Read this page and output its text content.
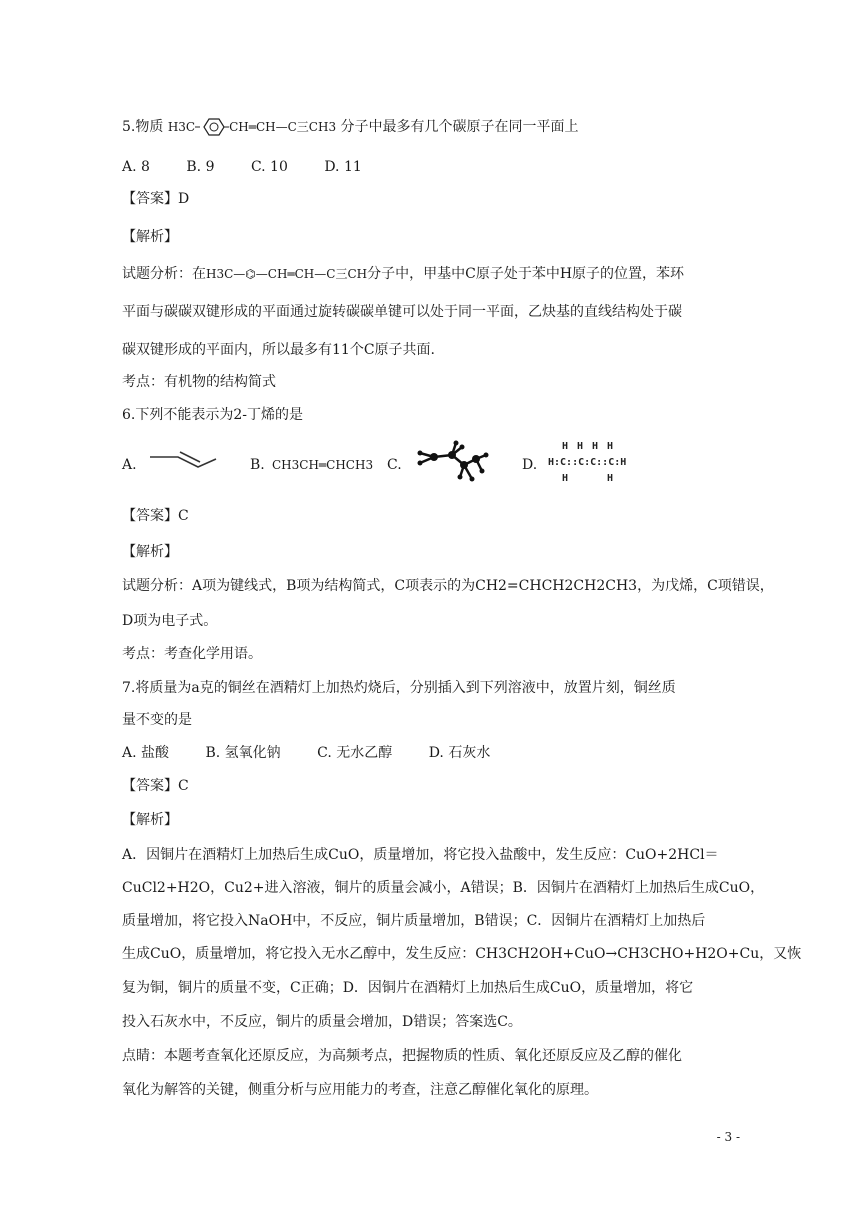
5.物质 H3C	CH═CH—C三CH3 分子中最多有几个碳原子在同一平面上
A. 8	B. 9	C. 10	D. 11
【答案】D
【解析】
试题分析：在H3C—⌬—CH═CH—C三CH分子中，甲基中C原子处于苯中H原子的位置，苯环
平面与碳碳双键形成的平面通过旋转碳碳单键可以处于同一平面，乙炔基的直线结构处于碳
碳双键形成的平面内，所以最多有11个C原子共面.
考点：有机物的结构简式
6.下列不能表示为2-丁烯的是
A.	B. CH3CH═CHCH3 C.	D.
H H H H
H:C::C:C::C:H
H	H
【答案】C
【解析】
试题分析：A项为键线式，B项为结构简式，C项表示的为CH2=CHCH2CH2CH3，为戊烯，C项错误，
D项为电子式。
考点：考查化学用语。
7.将质量为a克的铜丝在酒精灯上加热灼烧后，分别插入到下列溶液中，放置片刻，铜丝质
量不变的是
A. 盐酸	B. 氢氧化钠	C. 无水乙醇	D. 石灰水
【答案】C
【解析】
A．因铜片在酒精灯上加热后生成CuO，质量增加，将它投入盐酸中，发生反应：CuO+2HCl＝
CuCl2+H2O，Cu2+进入溶液，铜片的质量会减小，A错误；B．因铜片在酒精灯上加热后生成CuO，
质量增加，将它投入NaOH中，不反应，铜片质量增加，B错误；C．因铜片在酒精灯上加热后
生成CuO，质量增加，将它投入无水乙醇中，发生反应：CH3CH2OH+CuO→CH3CHO+H2O+Cu，又恢
复为铜，铜片的质量不变，C正确；D．因铜片在酒精灯上加热后生成CuO，质量增加，将它
投入石灰水中，不反应，铜片的质量会增加，D错误；答案选C。
点睛：本题考查氧化还原反应，为高频考点，把握物质的性质、氧化还原反应及乙醇的催化
氧化为解答的关键，侧重分析与应用能力的考查，注意乙醇催化氧化的原理。
- 3 -
